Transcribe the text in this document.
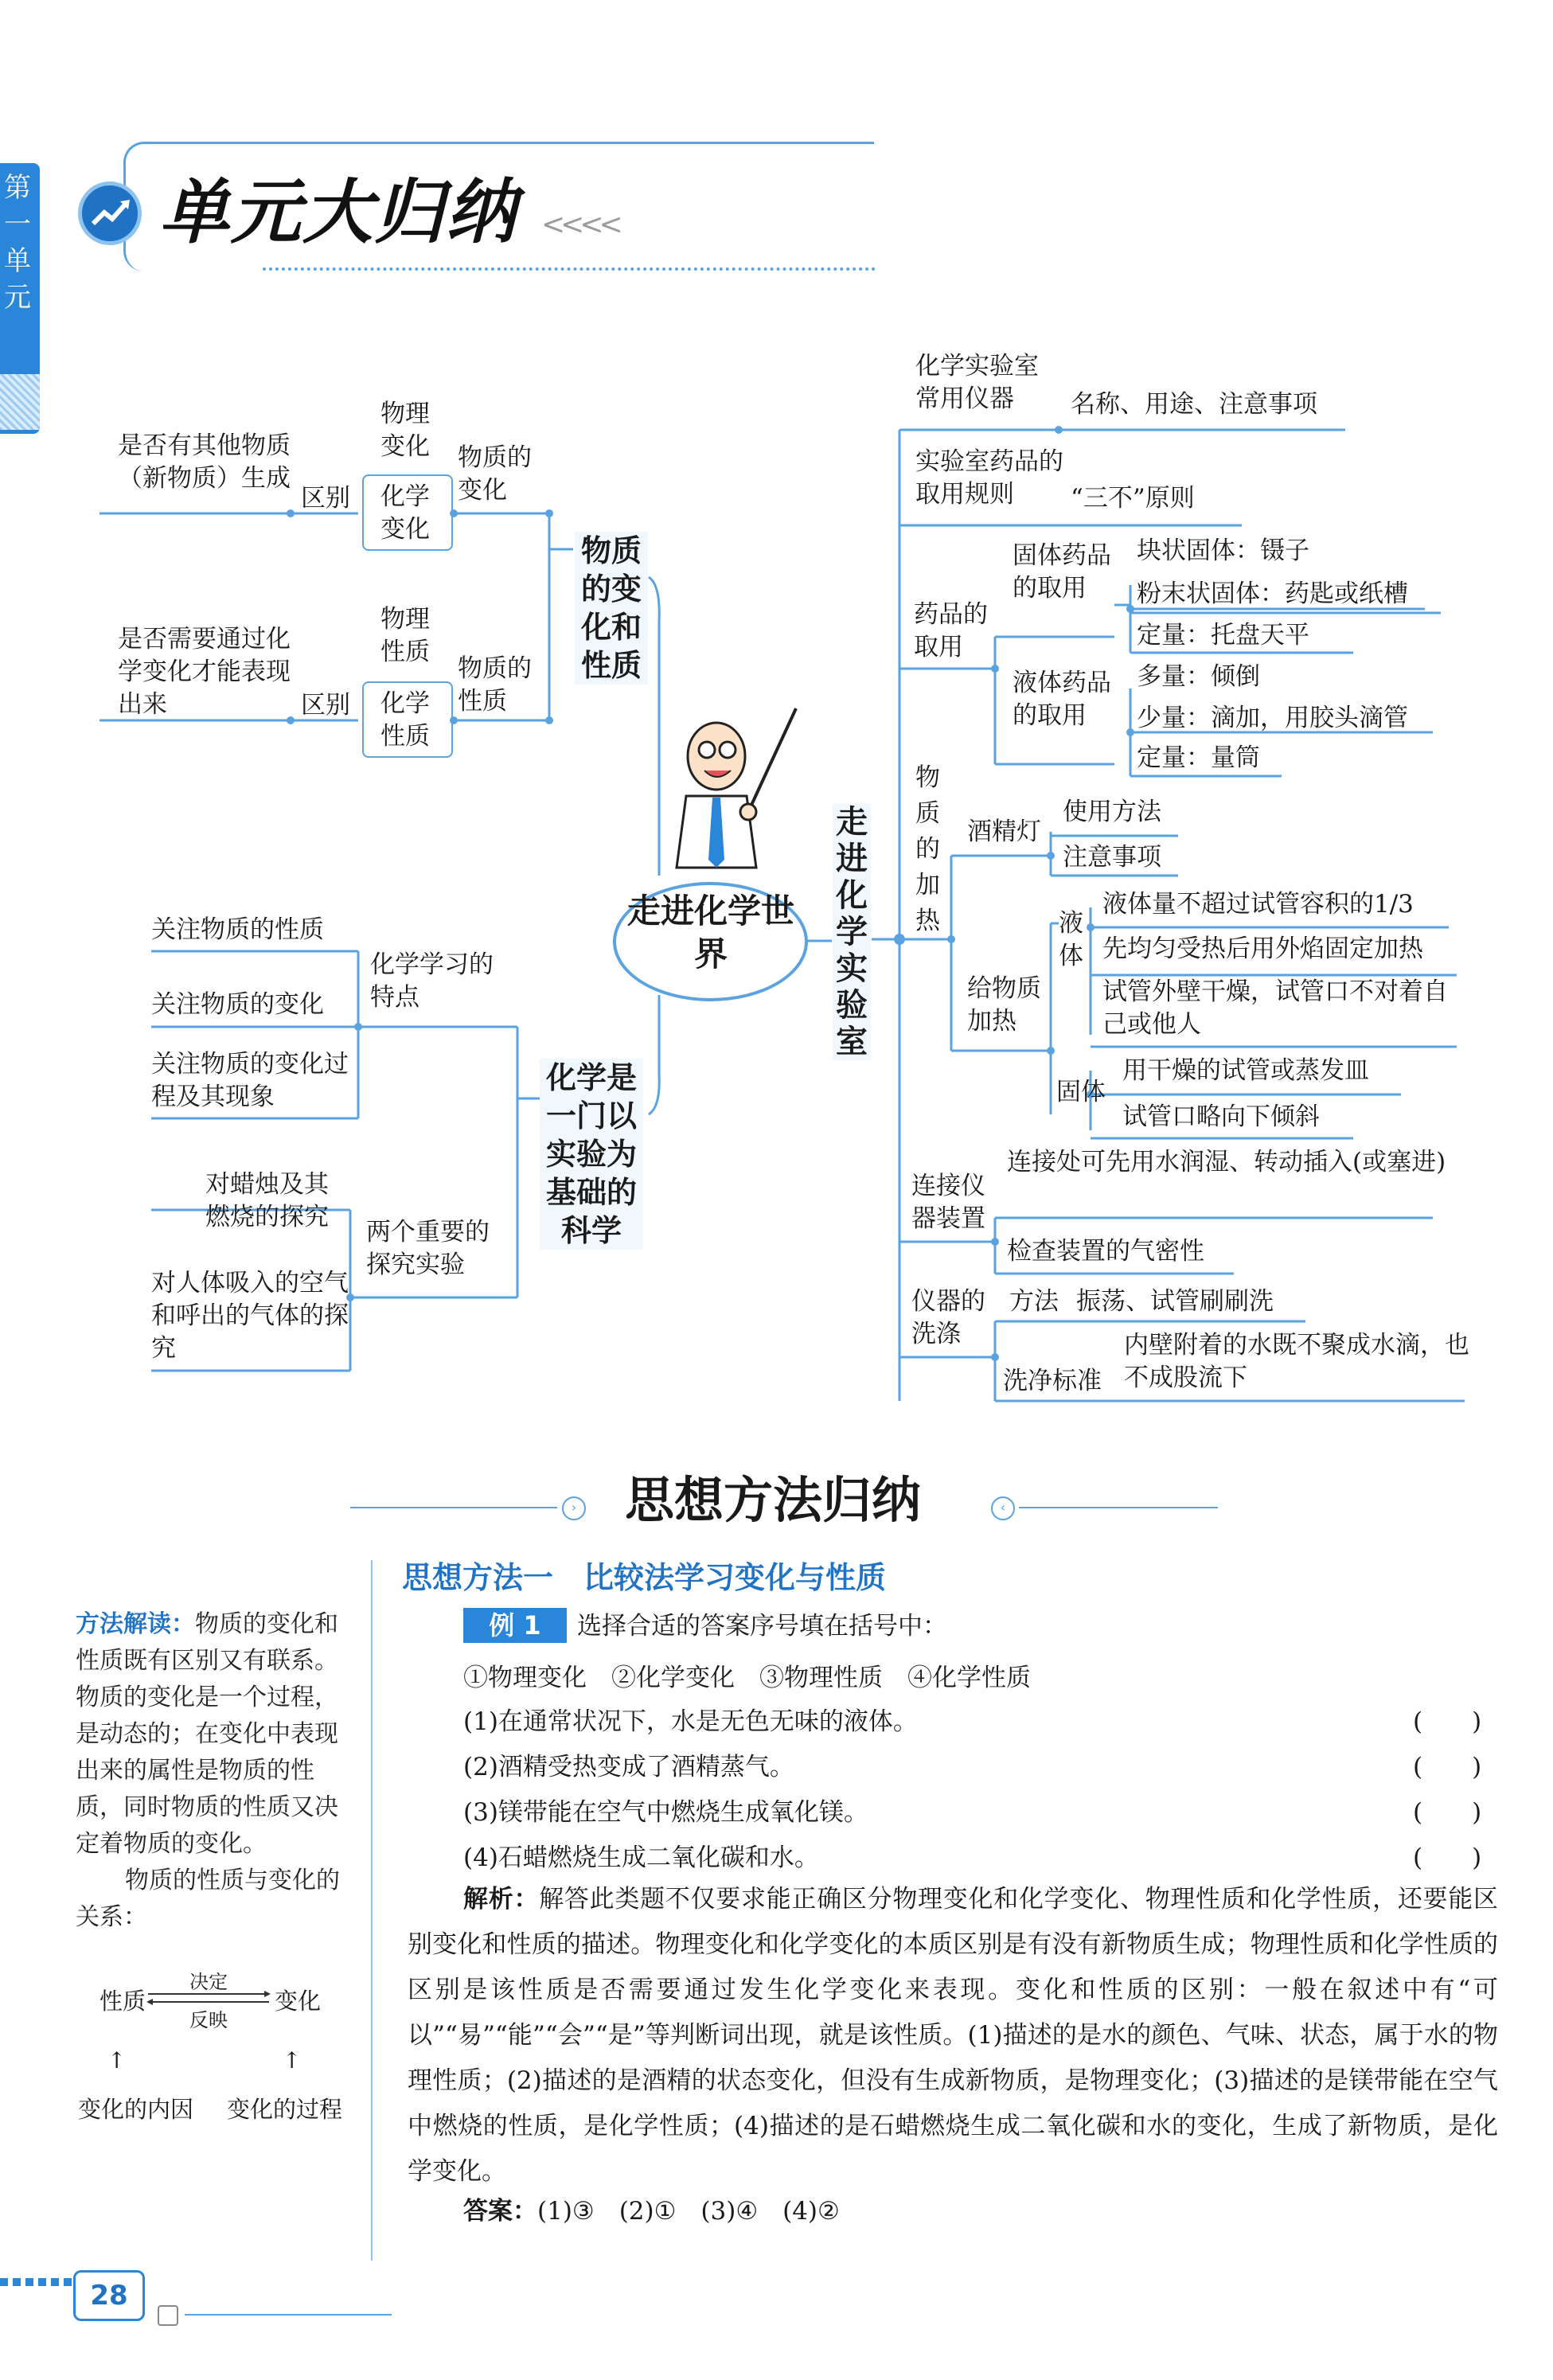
第一单元
单元大归纳 <<<<
走进化学世界
物质的变化和性质
是否有其他物质（新物质）生成
区别
物理变化
化学变化
物质的变化
是否需要通过化学变化才能表现出来	区别
物理性质
化学性质
物质的性质
化学是一门以实验为基础的科学
化学学习的特点
关注物质的性质
关注物质的变化
关注物质的变化过程及其现象
两个重要的探究实验
对蜡烛及其燃烧的探究
对人体吸入的空气和呼出的气体的探究
走进化学实验室
化学实验室常用仪器	名称、用途、注意事项
实验室药品的取用规则	“三不”原则
药品的取用
固体药品的取用
块状固体：镊子
粉末状固体：药匙或纸槽
定量：托盘天平
液体药品的取用
多量：倾倒
少量：滴加，用胶头滴管
定量：量筒
物质的加热
酒精灯
使用方法
注意事项
给物质加热
液体
液体量不超过试管容积的1/3
先均匀受热后用外焰固定加热
试管外壁干燥，试管口不对着自己或他人
固体
用干燥的试管或蒸发皿
试管口略向下倾斜
连接仪器装置
连接处可先用水润湿、转动插入(或塞进)
检查装置的气密性
仪器的洗涤
方法 振荡、试管刷刷洗
洗净标准
内壁附着的水既不聚成水滴，也不成股流下
› 思想方法归纳	‹
方法解读：物质的变化和性质既有区别又有联系。物质的变化是一个过程，是动态的；在变化中表现出来的属性是物质的性质，同时物质的性质又决定着物质的变化。
物质的性质与变化的关系：
性质
决定
反映
变化
↑	↑
变化的内因 变化的过程
思想方法一　比较法学习变化与性质
例 1	选择合适的答案序号填在括号中：
①物理变化　②化学变化　③物理性质　④化学性质
(1)在通常状况下，水是无色无味的液体。	(　　)
(2)酒精受热变成了酒精蒸气。	(　　)
(3)镁带能在空气中燃烧生成氧化镁。	(　　)
(4)石蜡燃烧生成二氧化碳和水。	(　　)
解析：解答此类题不仅要求能正确区分物理变化和化学变化、物理性质和化学性质，还要能区别变化和性质的描述。物理变化和化学变化的本质区别是有没有新物质生成；物理性质和化学性质的区别是该性质是否需要通过发生化学变化来表现。变化和性质的区别：一般在叙述中有“可以”“易”“能”“会”“是”等判断词出现，就是该性质。(1)描述的是水的颜色、气味、状态，属于水的物理性质；(2)描述的是酒精的状态变化，但没有生成新物质，是物理变化；(3)描述的是镁带能在空气中燃烧的性质，是化学性质；(4)描述的是石蜡燃烧生成二氧化碳和水的变化，生成了新物质，是化学变化。
答案：(1)③　(2)①　(3)④　(4)②
28
